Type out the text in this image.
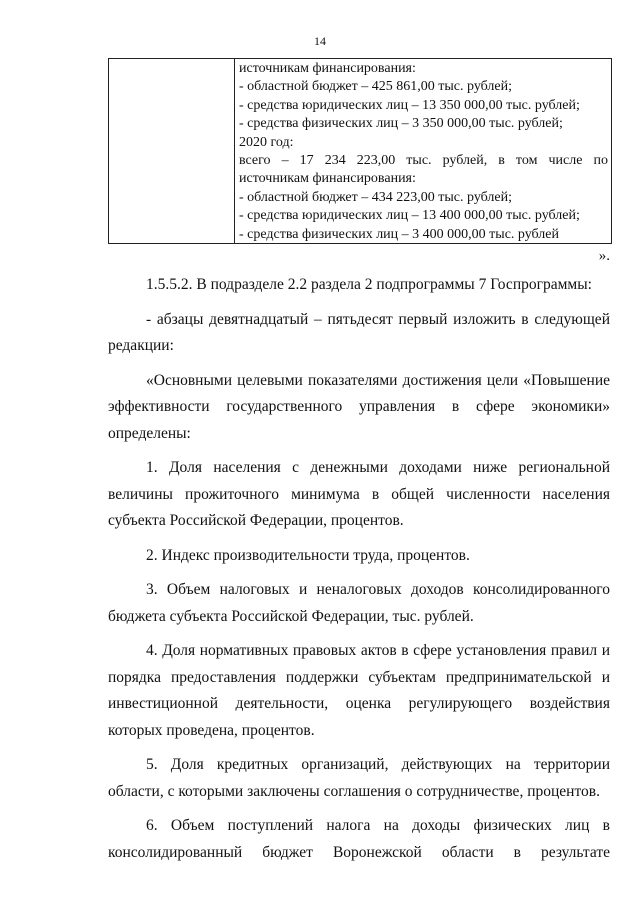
14
источникам финансирования:
- областной бюджет – 425 861,00 тыс. рублей;
- средства юридических лиц – 13 350 000,00 тыс. рублей;
- средства физических лиц – 3 350 000,00 тыс. рублей;
2020 год:
всего – 17 234 223,00 тыс. рублей, в том числе по
источникам финансирования:
- областной бюджет – 434 223,00 тыс. рублей;
- средства юридических лиц – 13 400 000,00 тыс. рублей;
- средства физических лиц – 3 400 000,00 тыс. рублей
».

1.5.5.2. В подразделе 2.2 раздела 2 подпрограммы 7 Госпрограммы:

- абзацы девятнадцатый – пятьдесят первый изложить в следующей редакции:

«Основными целевыми показателями достижения цели «Повышение эффективности государственного управления в сфере экономики» определены:

1. Доля населения с денежными доходами ниже региональной величины прожиточного минимума в общей численности населения субъекта Российской Федерации, процентов.

2. Индекс производительности труда, процентов.

3. Объем налоговых и неналоговых доходов консолидированного бюджета субъекта Российской Федерации, тыс. рублей.

4. Доля нормативных правовых актов в сфере установления правил и порядка предоставления поддержки субъектам предпринимательской и инвестиционной деятельности, оценка регулирующего воздействия которых проведена, процентов.

5. Доля кредитных организаций, действующих на территории области, с которыми заключены соглашения о сотрудничестве, процентов.

6. Объем поступлений налога на доходы физических лиц в консолидированный бюджет Воронежской области в результате
